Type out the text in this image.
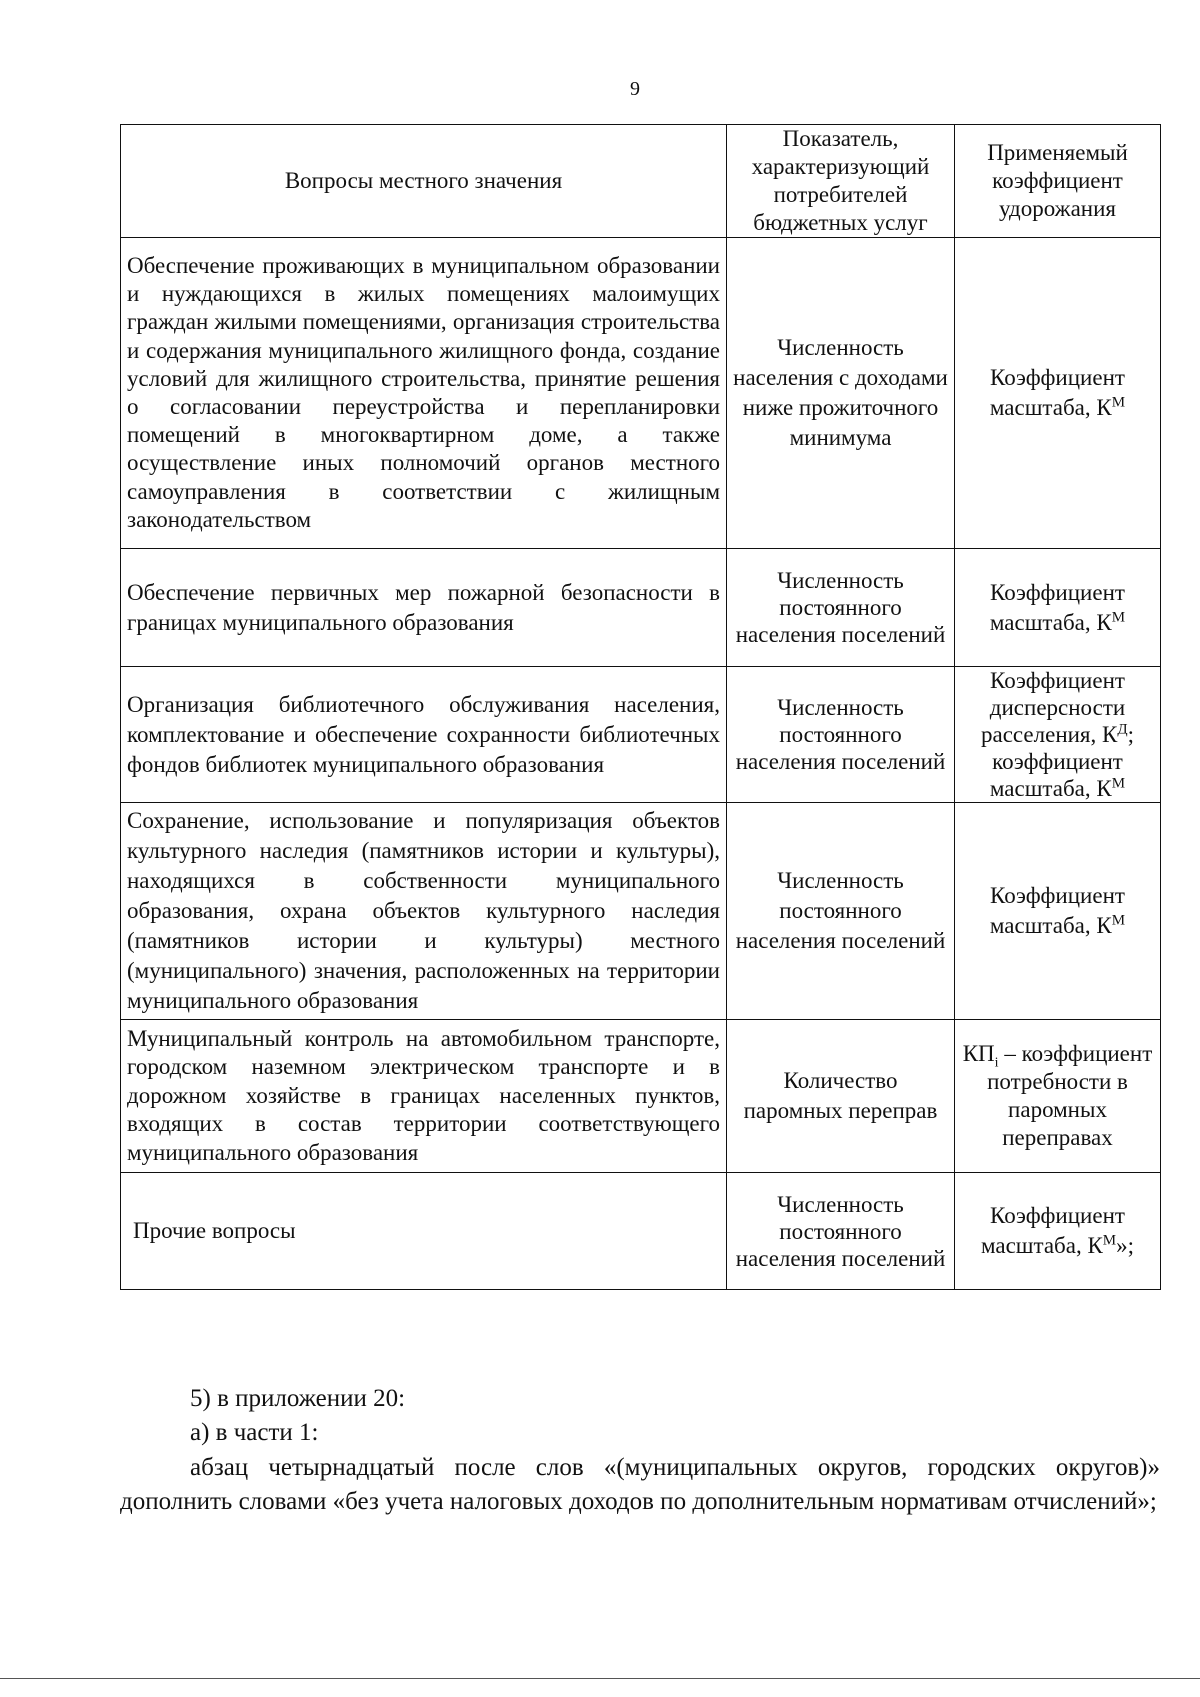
9
Вопросы местного значения	Показатель, характеризующий потребителей бюджетных услуг	Применяемый коэффициент удорожания
Обеспечение проживающих в муниципальном образовании и нуждающихся в жилых помещениях малоимущих граждан жилыми помещениями, организация строительства и содержания муниципального жилищного фонда, создание условий для жилищного строительства, принятие решения о согласовании переустройства и перепланировки помещений в многоквартирном доме, а также осуществление иных полномочий органов местного самоуправления в соответствии с жилищным законодательством	Численность населения с доходами ниже прожиточного минимума	Коэффициент масштаба, $К^М$
Обеспечение первичных мер пожарной безопасности в границах муниципального образования	Численность постоянного населения поселений	Коэффициент масштаба, $К^М$
Организация библиотечного обслуживания населения, комплектование и обеспечение сохранности библиотечных фондов библиотек муниципального образования	Численность постоянного населения поселений	Коэффициент дисперсности расселения, $К^Д$; коэффициент масштаба, $К^М$
Сохранение, использование и популяризация объектов культурного наследия (памятников истории и культуры), находящихся в собственности муниципального образования, охрана объектов культурного наследия (памятников истории и культуры) местного (муниципального) значения, расположенных на территории муниципального образования	Численность постоянного населения поселений	Коэффициент масштаба, $К^М$
Муниципальный контроль на автомобильном транспорте, городском наземном электрическом транспорте и в дорожном хозяйстве в границах населенных пунктов, входящих в состав территории соответствующего муниципального образования	Количество паромных переправ	$КП_i$ – коэффициент потребности в паромных переправах
Прочие вопросы	Численность постоянного населения поселений	Коэффициент масштаба, $К^М$»;
5) в приложении 20:
а) в части 1:
абзац четырнадцатый после слов «(муниципальных округов, городских округов)» дополнить словами «без учета налоговых доходов по дополнительным нормативам отчислений»;
